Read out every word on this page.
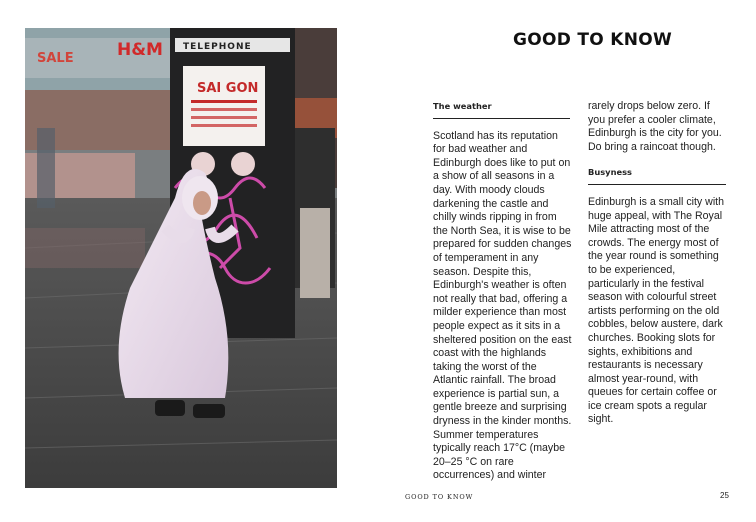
SALE	H&M TELEPHONE
SAI GON
GOOD TO KNOW
The weather

Scotland has its reputation for bad weather and Edinburgh does like to put on a show of all seasons in a day. With moody clouds darkening the castle and chilly winds ripping in from the North Sea, it is wise to be prepared for sudden changes of temperament in any season. Despite this, Edinburgh's weather is often not really that bad, offering a milder experience than most people expect as it sits in a sheltered position on the east coast with the highlands taking the worst of the Atlantic rainfall. The broad experience is partial sun, a gentle breeze and surprising dryness in the kinder months. Summer temperatures typically reach 17°C (maybe 20–25 °C on rare occurrences) and winter

rarely drops below zero. If you prefer a cooler climate, Edinburgh is the city for you. Do bring a raincoat though.

Busyness

Edinburgh is a small city with huge appeal, with The Royal Mile attracting most of the crowds. The energy most of the year round is something to be experienced, particularly in the festival season with colourful street artists performing on the old cobbles, below austere, dark churches. Booking slots for sights, exhibitions and restaurants is necessary almost year-round, with queues for certain coffee or ice cream spots a regular sight.

GOOD TO KNOW	25
